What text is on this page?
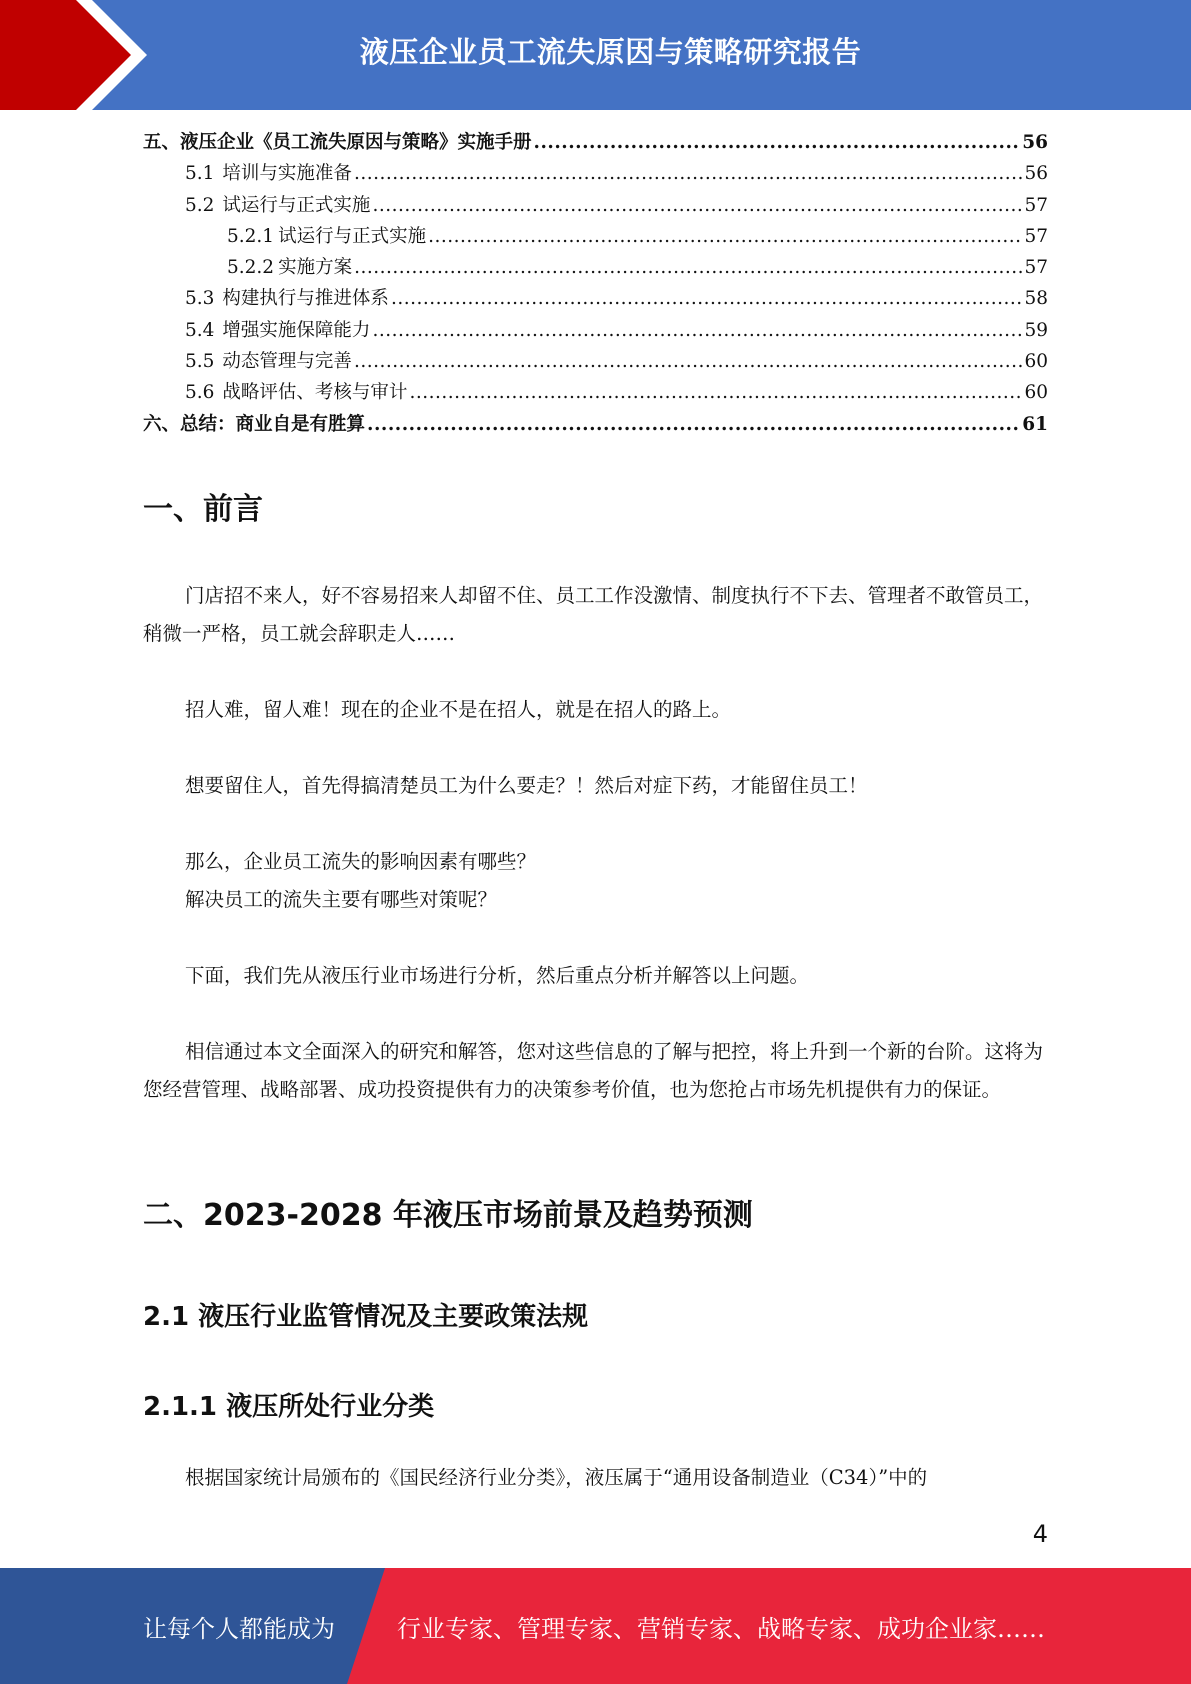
液压企业员工流失原因与策略研究报告
五、液压企业《员工流失原因与策略》实施手册 .....	56
5.1 培训与实施准备 .....	56
5.2 试运行与正式实施 .....	57
5.2.1 试运行与正式实施 .....	57
5.2.2 实施方案 .....	57
5.3 构建执行与推进体系 .....	58
5.4 增强实施保障能力 .....	59
5.5 动态管理与完善 .....	60
5.6 战略评估、考核与审计 .....	60
六、总结：商业自是有胜算 .....	61
一、前言

门店招不来人，好不容易招来人却留不住、员工工作没激情、制度执行不下去、管理者不敢管员工，稍微一严格，员工就会辞职走人……

招人难，留人难！现在的企业不是在招人，就是在招人的路上。

想要留住人，首先得搞清楚员工为什么要走？！然后对症下药，才能留住员工！

那么，企业员工流失的影响因素有哪些？

解决员工的流失主要有哪些对策呢？

下面，我们先从液压行业市场进行分析，然后重点分析并解答以上问题。

相信通过本文全面深入的研究和解答，您对这些信息的了解与把控，将上升到一个新的台阶。这将为您经营管理、战略部署、成功投资提供有力的决策参考价值，也为您抢占市场先机提供有力的保证。

二、2023-2028 年液压市场前景及趋势预测
2.1 液压行业监管情况及主要政策法规
2.1.1 液压所处行业分类

根据国家统计局颁布的《国民经济行业分类》，液压属于“通用设备制造业（C34）”中的

4
让每个人都能成为	行业专家、管理专家、营销专家、战略专家、成功企业家……
